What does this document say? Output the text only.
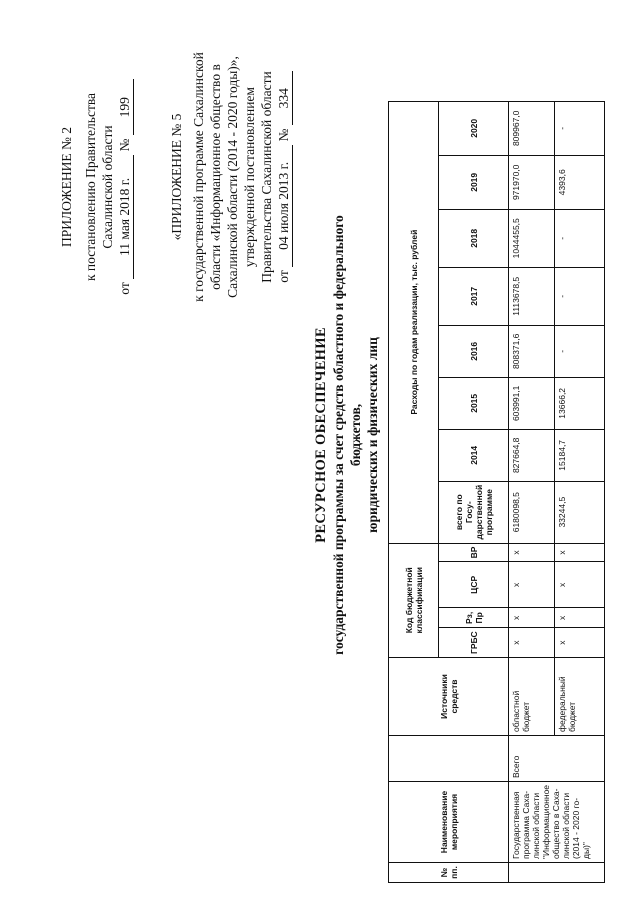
ПРИЛОЖЕНИЕ № 2 к постановлению Правительства Сахалинской области
от 11 мая 2018 г. № 199
«ПРИЛОЖЕНИЕ № 5 к государственной программе Сахалинской области «Информационное общество в Сахалинской области (2014 - 2020 годы)», утвержденной постановлением Правительства Сахалинской области от 04 июля 2013 г. № 334
РЕСУРСНОЕ ОБЕСПЕЧЕНИЕ государственной программы за счет средств областного и федерального бюджетов, юридических и физических лиц
№ пп.	Наименование мероприятия		Источники средств	Код бюджетной классификации				Расходы по годам реализации, тыс. рублей							
				ГРБС	Рз, Пр	ЦСР	ВР	всего по Госу-дарственной программе	2014	2015	2016	2017	2018	2019	2020
	Государственная программа Саха-линской области "Информационное общество в Саха-линской области (2014 - 2020 го-ды)"	Всего	областной бюджет	x	x	x	x	6180098,5	827664,8	603991,1	808371,6	1113678,5	1044455,5	971970,0	809967,0
			федеральный бюджет	x	x	x	x	33244,5	15184,7	13666,2	-	-	-	4393,6	-
